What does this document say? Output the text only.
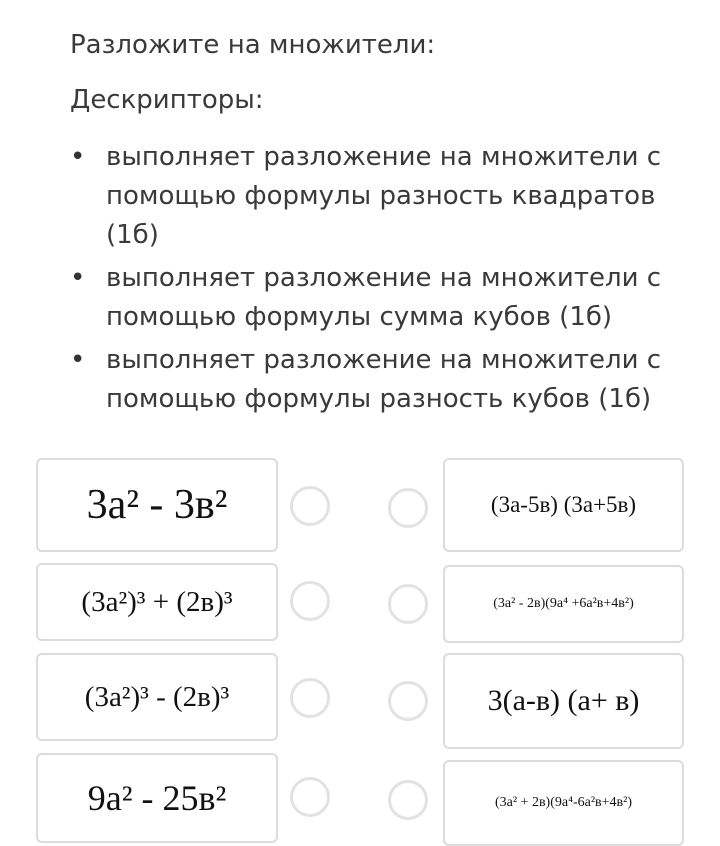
Разложите на множители:
Дескрипторы:
• выполняет разложение на множители с помощью формулы разность квадратов (1б)
• выполняет разложение на множители с помощью формулы сумма кубов (1б)
• выполняет разложение на множители с помощью формулы разность кубов (1б)
3a² - 3в²
(3a²)³ + (2в)³
(3a²)³ - (2в)³
9a² - 25в²
(3а-5в) (3а+5в)
(3a² - 2в)(9a⁴ +6a²в+4в²)
3(а-в) (а+ в)
(3a² + 2в)(9a⁴-6a²в+4в²)
